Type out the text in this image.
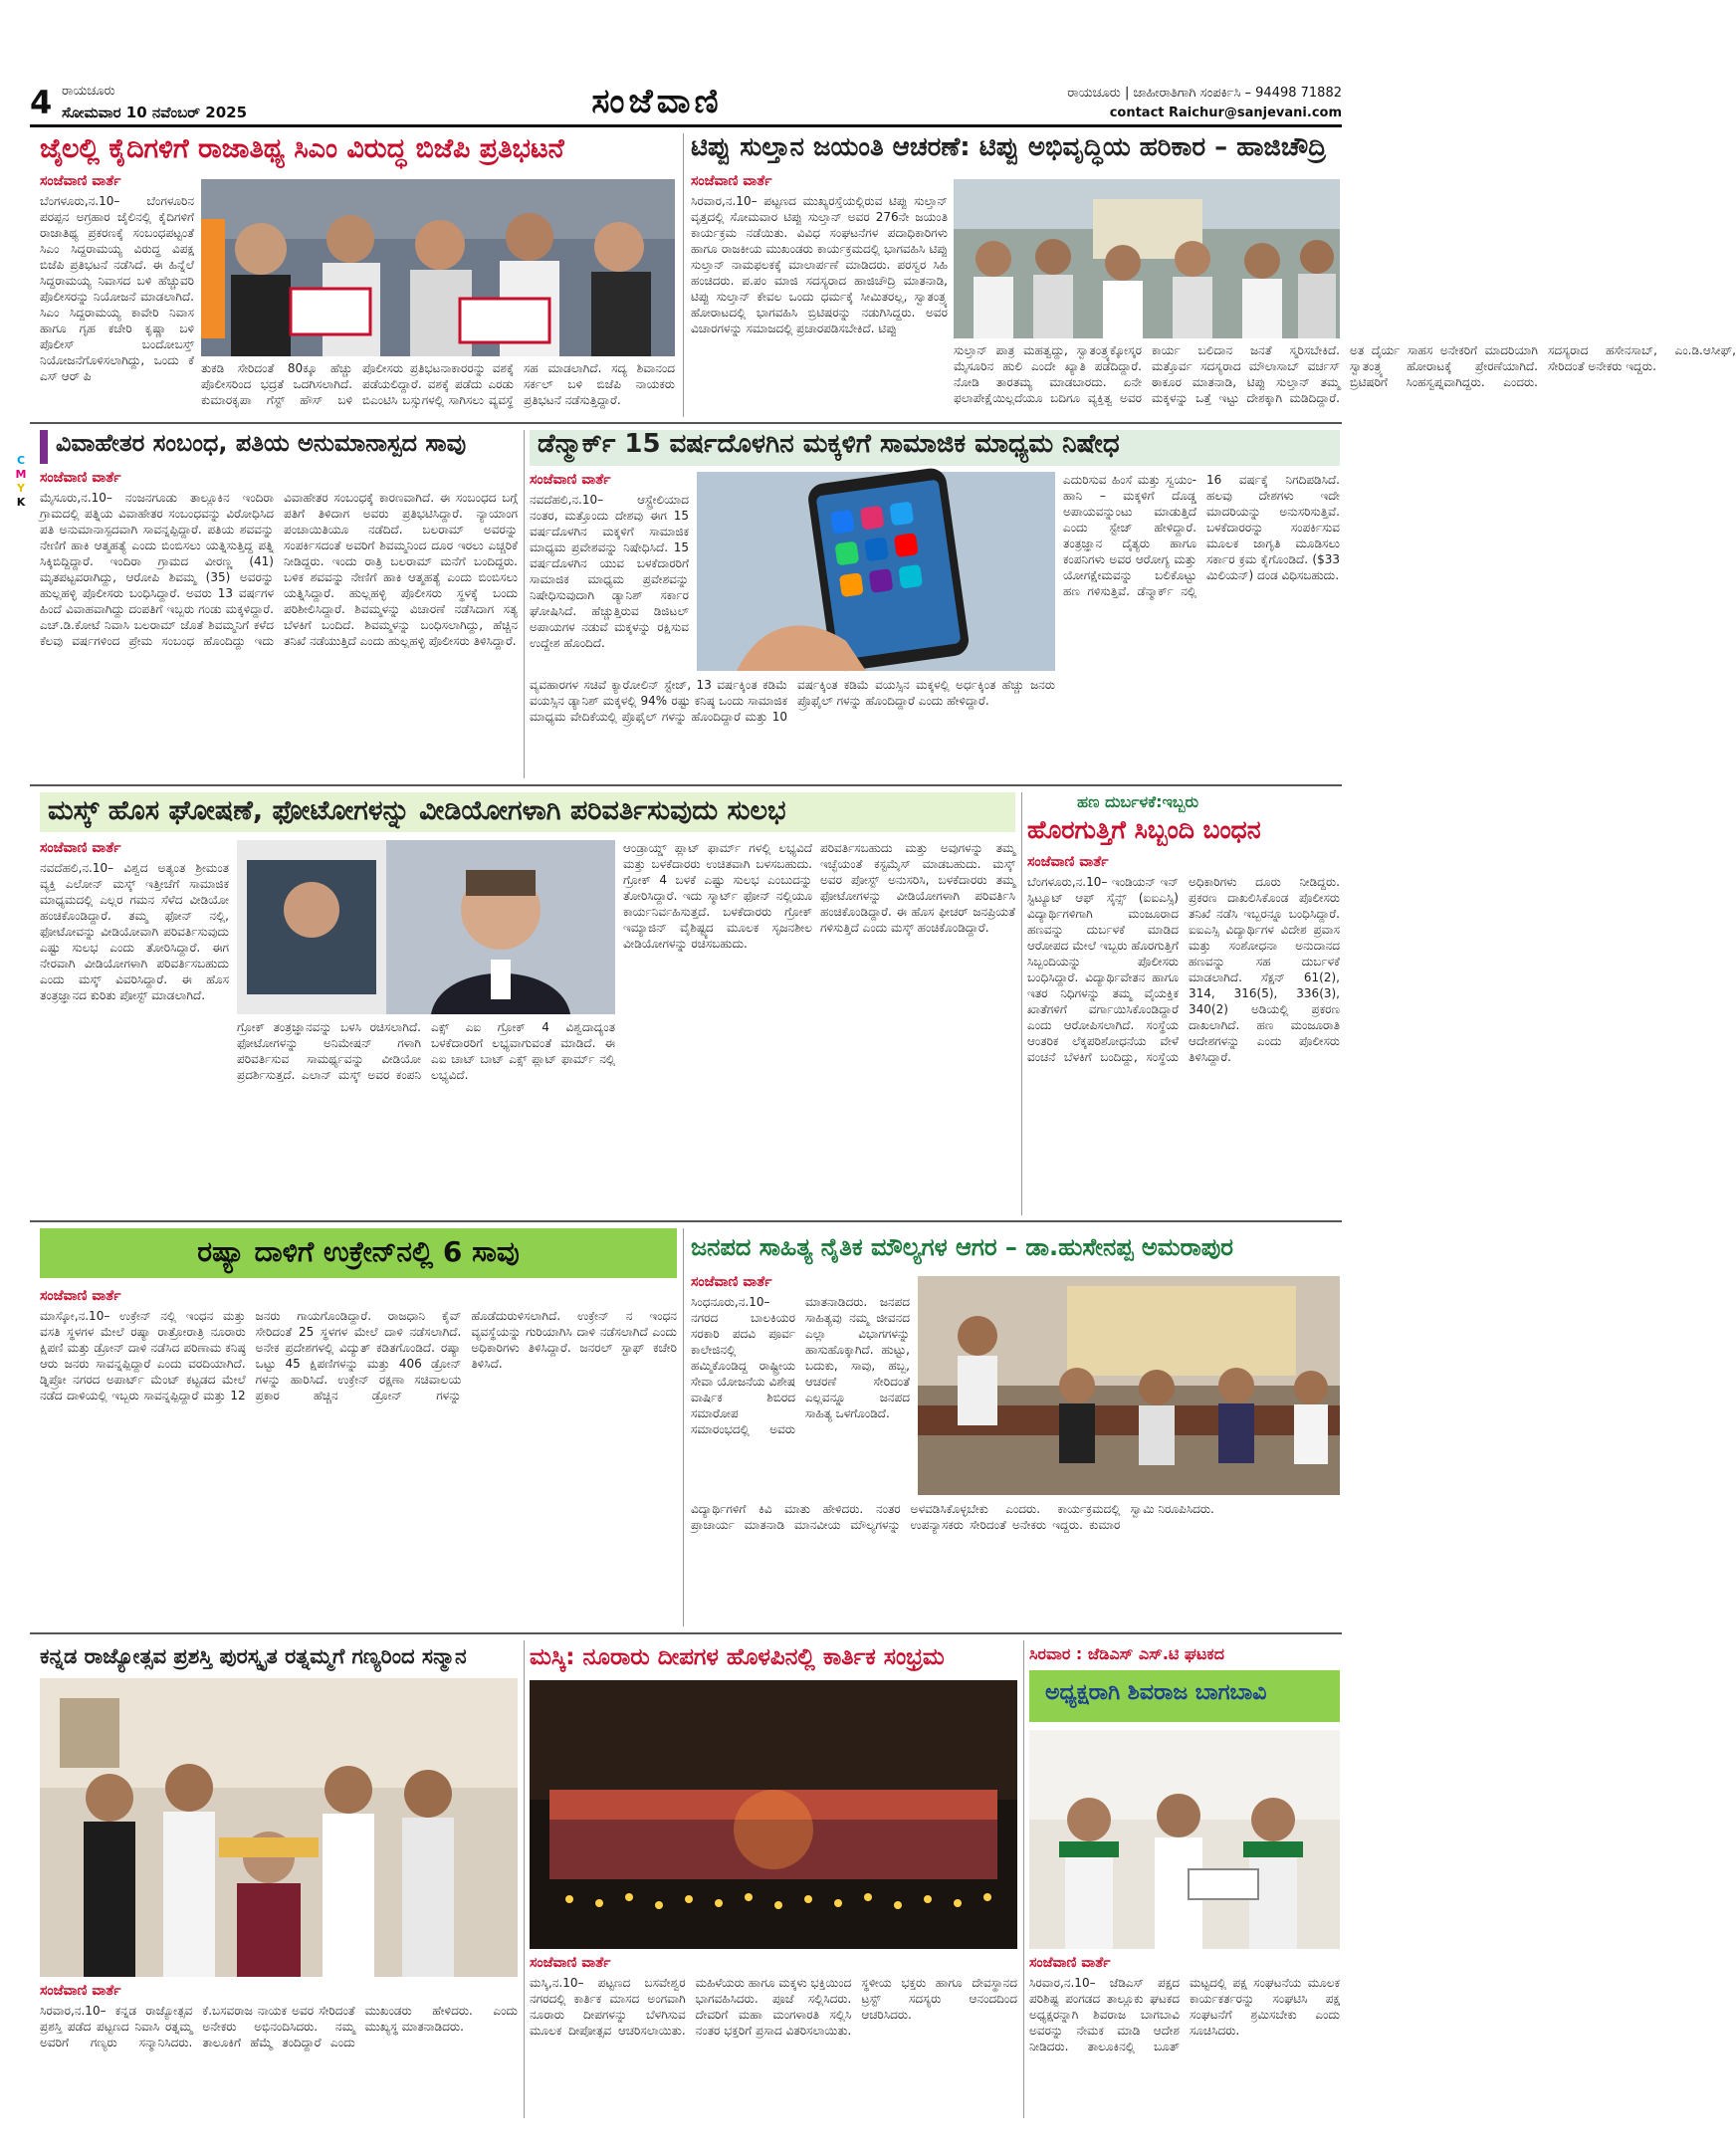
4 ರಾಯಚೂರು
ಸೋಮವಾರ 10 ನವೆಂಬರ್ 2025	ಸಂಜೆವಾಣಿ	ರಾಯಚೂರು | ಜಾಹೀರಾತಿಗಾಗಿ ಸಂಪರ್ಕಿಸಿ – 94498 71882
contact Raichur@sanjevani.com
C
M
Y
K
ಜೈಲಲ್ಲಿ ಕೈದಿಗಳಿಗೆ ರಾಜಾತಿಥ್ಯ ಸಿಎಂ ವಿರುದ್ಧ ಬಿಜೆಪಿ ಪ್ರತಿಭಟನೆ
ಸಂಜೆವಾಣಿ ವಾರ್ತೆ
ಬೆಂಗಳೂರು,ನ.10– ಬೆಂಗಳೂರಿನ ಪರಪ್ಪನ ಅಗ್ರಹಾರ ಜೈಲಿನಲ್ಲಿ ಕೈದಿಗಳಿಗೆ ರಾಜಾತಿಥ್ಯ ಪ್ರಕರಣಕ್ಕೆ ಸಂಬಂಧಪಟ್ಟಂತೆ ಸಿಎಂ ಸಿದ್ದರಾಮಯ್ಯ ವಿರುದ್ಧ ವಿಪಕ್ಷ ಬಿಜೆಪಿ ಪ್ರತಿಭಟನೆ ನಡೆಸಿದೆ. ಈ ಹಿನ್ನೆಲೆ ಸಿದ್ದರಾಮಯ್ಯ ನಿವಾಸದ ಬಳಿ ಹೆಚ್ಚುವರಿ ಪೊಲೀಸರನ್ನು ನಿಯೋಜನೆ ಮಾಡಲಾಗಿದೆ. ಸಿಎಂ ಸಿದ್ದರಾಮಯ್ಯ ಕಾವೇರಿ ನಿವಾಸ ಹಾಗೂ ಗೃಹ ಕಚೇರಿ ಕೃಷ್ಣಾ ಬಳಿ ಪೊಲೀಸ್ ಬಂದೋಬಸ್ತ್ ನಿಯೋಜನೆಗೊಳಿಸಲಾಗಿದ್ದು, ಒಂದು ಕೆ ಎಸ್ ಆರ್ ಪಿ
ತುಕಡಿ ಸೇರಿದಂತೆ 80ಕ್ಕೂ ಹೆಚ್ಚು ಪೊಲೀಸರಿಂದ ಭದ್ರತೆ ಒದಗಿಸಲಾಗಿದೆ. ಕುಮಾರಕೃಪಾ ಗೆಸ್ಟ್ ಹೌಸ್ ಬಳಿ ಪೊಲೀಸರು ಪ್ರತಿಭಟನಾಕಾರರನ್ನು ವಶಕ್ಕೆ ಪಡೆಯಲಿದ್ದಾರೆ. ವಶಕ್ಕೆ ಪಡೆದು ಎರಡು ಬಿಎಂಟಿಸಿ ಬಸ್ಸುಗಳಲ್ಲಿ ಸಾಗಿಸಲು ವ್ಯವಸ್ಥೆ ಸಹ ಮಾಡಲಾಗಿದೆ. ಸದ್ಯ ಶಿವಾನಂದ ಸರ್ಕಲ್ ಬಳಿ ಬಿಜೆಪಿ ನಾಯಕರು ಪ್ರತಿಭಟನೆ ನಡೆಸುತ್ತಿದ್ದಾರೆ.
ಟಿಪ್ಪು ಸುಲ್ತಾನ ಜಯಂತಿ ಆಚರಣೆ: ಟಿಪ್ಪು ಅಭಿವೃದ್ಧಿಯ ಹರಿಕಾರ – ಹಾಜಿಚೌದ್ರಿ
ಸಂಜೆವಾಣಿ ವಾರ್ತೆ
ಸಿರವಾರ,ನ.10– ಪಟ್ಟಣದ ಮುಖ್ಯರಸ್ತೆಯಲ್ಲಿರುವ ಟಿಪ್ಪು ಸುಲ್ತಾನ್ ವೃತ್ತದಲ್ಲಿ ಸೋಮವಾರ ಟಿಪ್ಪು ಸುಲ್ತಾನ್ ಅವರ 276ನೇ ಜಯಂತಿ ಕಾರ್ಯಕ್ರಮ ನಡೆಯಿತು. ವಿವಿಧ ಸಂಘಟನೆಗಳ ಪದಾಧಿಕಾರಿಗಳು ಹಾಗೂ ರಾಜಕೀಯ ಮುಖಂಡರು ಕಾರ್ಯಕ್ರಮದಲ್ಲಿ ಭಾಗವಹಿಸಿ ಟಿಪ್ಪು ಸುಲ್ತಾನ್ ನಾಮಫಲಕಕ್ಕೆ ಮಾಲಾರ್ಪಣೆ ಮಾಡಿದರು. ಪರಸ್ವರ ಸಿಹಿ ಹಂಚಿದರು. ಪ.ಪಂ ಮಾಜಿ ಸದಸ್ಯರಾದ ಹಾಜಿಚೌದ್ರಿ ಮಾತನಾಡಿ, ಟಿಪ್ಪು ಸುಲ್ತಾನ್ ಕೇವಲ ಒಂದು ಧರ್ಮಕ್ಕೆ ಸೀಮಿತರಲ್ಲ, ಸ್ವಾತಂತ್ರ್ಯ ಹೋರಾಟದಲ್ಲಿ ಭಾಗವಹಿಸಿ ಬ್ರಿಟಿಷರನ್ನು ನಡುಗಿಸಿದ್ದರು. ಅವರ ವಿಚಾರಗಳನ್ನು ಸಮಾಜದಲ್ಲಿ ಪ್ರಚಾರಪಡಿಸಬೇಕಿದೆ. ಟಿಪ್ಪು
ಸುಲ್ತಾನ್ ಪಾತ್ರ ಮಹತ್ವದ್ದು, ಸ್ವಾತಂತ್ರ್ಯಕ್ಕೋಸ್ಕರ ಮೈಸೂರಿನ ಹುಲಿ ಎಂದೇ ಖ್ಯಾತಿ ಪಡೆದಿದ್ದಾರೆ. ನೋಡಿ ತಾರತಮ್ಯ ಮಾಡಬಾರದು. ಏನೇ ಫಲಾಪೇಕ್ಷೆಯಿಲ್ಲದೆಯೂ ಬದಿಗೂ ವ್ಯಕ್ತಿತ್ವ ಅವರ ಕಾರ್ಯ ಬಲಿದಾನ ಜನತೆ ಸ್ಮರಿಸಬೇಕಿದೆ. ಮತ್ತೊರ್ವ ಸದಸ್ಯರಾದ ಮೌಲಾಸಾಬ್ ವರ್ಚಸ್ ಠಾಕೂರ ಮಾತನಾಡಿ, ಟಿಪ್ಪು ಸುಲ್ತಾನ್ ತಮ್ಮ ಮಕ್ಕಳನ್ನು ಒತ್ತೆ ಇಟ್ಟು ದೇಶಕ್ಕಾಗಿ ಮಡಿದಿದ್ದಾರೆ. ಅತ ದೈರ್ಯ ಸಾಹಸ ಅನೇಕರಿಗೆ ಮಾದರಿಯಾಗಿ ಸ್ವಾತಂತ್ರ್ಯ ಹೋರಾಟಕ್ಕೆ ಪ್ರೇರಣೆಯಾಗಿದೆ. ಬ್ರಿಟಿಷರಿಗೆ ಸಿಂಹಸ್ವಪ್ನವಾಗಿದ್ದರು. ಎಂದರು. ಸದಸ್ಯರಾದ ಹಸೇನಸಾಬ್, ಎಂ.ಡಿ.ಆಸೀಫ್, ಸೇರಿದಂತೆ ಅನೇಕರು ಇದ್ದರು.
ವಿವಾಹೇತರ ಸಂಬಂಧ, ಪತಿಯ ಅನುಮಾನಾಸ್ಪದ ಸಾವು
ಸಂಜೆವಾಣಿ ವಾರ್ತೆ
ಮೈಸೂರು,ನ.10– ನಂಜನಗೂಡು ತಾಲ್ಲೂಕಿನ ಇಂದಿರಾ ಗ್ರಾಮದಲ್ಲಿ ಪತ್ನಿಯ ವಿವಾಹೇತರ ಸಂಬಂಧವನ್ನು ವಿರೋಧಿಸಿದ ಪತಿ ಅನುಮಾನಾಸ್ಪದವಾಗಿ ಸಾವನ್ನಪ್ಪಿದ್ದಾರೆ. ಪತಿಯ ಶವವನ್ನು ನೇಣಿಗೆ ಹಾಕಿ ಆತ್ಮಹತ್ಯೆ ಎಂದು ಬಿಂಬಿಸಲು ಯತ್ನಿಸುತ್ತಿದ್ದ ಪತ್ನಿ ಸಿಕ್ಕಿಬಿದ್ದಿದ್ದಾರೆ. ಇಂದಿರಾ ಗ್ರಾಮದ ವೀರಣ್ಣ (41) ಮೃತಪಟ್ಟವರಾಗಿದ್ದು, ಆರೋಪಿ ಶಿವಮ್ಮ (35) ಅವರನ್ನು ಹುಲ್ಲಹಳ್ಳಿ ಪೊಲೀಸರು ಬಂಧಿಸಿದ್ದಾರೆ. ಅವರು 13 ವರ್ಷಗಳ ಹಿಂದೆ ವಿವಾಹವಾಗಿದ್ದು ದಂಪತಿಗೆ ಇಬ್ಬರು ಗಂಡು ಮಕ್ಕಳಿದ್ದಾರೆ. ಎಚ್.ಡಿ.ಕೋಟೆ ನಿವಾಸಿ ಬಲರಾಮ್ ಜೊತೆ ಶಿವಮ್ಮನಿಗೆ ಕಳೆದ ಕೆಲವು ವರ್ಷಗಳಿಂದ ಪ್ರೇಮ ಸಂಬಂಧ ಹೊಂದಿದ್ದು ಇದು ವಿವಾಹೇತರ ಸಂಬಂಧಕ್ಕೆ ಕಾರಣವಾಗಿದೆ. ಈ ಸಂಬಂಧದ ಬಗ್ಗೆ ಪತಿಗೆ ತಿಳಿದಾಗ ಅವರು ಪ್ರತಿಭಟಿಸಿದ್ದಾರೆ. ನ್ಯಾಯಾಂಗ ಪಂಚಾಯಿತಿಯೂ ನಡೆದಿದೆ. ಬಲರಾಮ್ ಅವರನ್ನು ಸಂಪರ್ಕಿಸದಂತೆ ಅವರಿಗೆ ಶಿವಮ್ಮನಿಂದ ದೂರ ಇರಲು ಎಚ್ಚರಿಕೆ ನೀಡಿದ್ದರು. ಇಂದು ರಾತ್ರಿ ಬಲರಾಮ್ ಮನೆಗೆ ಬಂದಿದ್ದರು. ಬಳಿಕ ಶವವನ್ನು ನೇಣಿಗೆ ಹಾಕಿ ಆತ್ಮಹತ್ಯೆ ಎಂದು ಬಿಂಬಿಸಲು ಯತ್ನಿಸಿದ್ದಾರೆ. ಹುಲ್ಲಹಳ್ಳಿ ಪೊಲೀಸರು ಸ್ಥಳಕ್ಕೆ ಬಂದು ಪರಿಶೀಲಿಸಿದ್ದಾರೆ. ಶಿವಮ್ಮಳನ್ನು ವಿಚಾರಣೆ ನಡೆಸಿದಾಗ ಸತ್ಯ ಬೆಳಕಿಗೆ ಬಂದಿದೆ. ಶಿವಮ್ಮಳನ್ನು ಬಂಧಿಸಲಾಗಿದ್ದು, ಹೆಚ್ಚಿನ ತನಿಖೆ ನಡೆಯುತ್ತಿದೆ ಎಂದು ಹುಲ್ಲಹಳ್ಳಿ ಪೊಲೀಸರು ತಿಳಿಸಿದ್ದಾರೆ.
ಡೆನ್ಮಾರ್ಕ್ 15 ವರ್ಷದೊಳಗಿನ ಮಕ್ಕಳಿಗೆ ಸಾಮಾಜಿಕ ಮಾಧ್ಯಮ ನಿಷೇಧ
ಸಂಜೆವಾಣಿ ವಾರ್ತೆ
ನವದೆಹಲಿ,ನ.10– ಆಸ್ಟ್ರೇಲಿಯಾದ ನಂತರ, ಮತ್ತೊಂದು ದೇಶವು ಈಗ 15 ವರ್ಷದೊಳಗಿನ ಮಕ್ಕಳಿಗೆ ಸಾಮಾಜಿಕ ಮಾಧ್ಯಮ ಪ್ರವೇಶವನ್ನು ನಿಷೇಧಿಸಿದೆ. 15 ವರ್ಷದೊಳಗಿನ ಯುವ ಬಳಕೆದಾರರಿಗೆ ಸಾಮಾಜಿಕ ಮಾಧ್ಯಮ ಪ್ರವೇಶವನ್ನು ನಿಷೇಧಿಸುವುದಾಗಿ ಡ್ಯಾನಿಶ್ ಸರ್ಕಾರ ಘೋಷಿಸಿದೆ. ಹೆಚ್ಚುತ್ತಿರುವ ಡಿಜಿಟಲ್ ಅಪಾಯಗಳ ನಡುವೆ ಮಕ್ಕಳನ್ನು ರಕ್ಷಿಸುವ ಉದ್ದೇಶ ಹೊಂದಿದೆ.
ವ್ಯವಹಾರಗಳ ಸಚಿವೆ ಕ್ಯಾರೋಲಿನ್ ಸ್ಟೇಜ್, 13 ವರ್ಷಕ್ಕಿಂತ ಕಡಿಮೆ ವಯಸ್ಸಿನ ಡ್ಯಾನಿಶ್ ಮಕ್ಕಳಲ್ಲಿ 94% ರಷ್ಟು ಕನಿಷ್ಠ ಒಂದು ಸಾಮಾಜಿಕ ಮಾಧ್ಯಮ ವೇದಿಕೆಯಲ್ಲಿ ಪ್ರೊಫೈಲ್ ಗಳನ್ನು ಹೊಂದಿದ್ದಾರೆ ಮತ್ತು 10 ವರ್ಷಕ್ಕಿಂತ ಕಡಿಮೆ ವಯಸ್ಸಿನ ಮಕ್ಕಳಲ್ಲಿ ಅರ್ಧಕ್ಕಿಂತ ಹೆಚ್ಚು ಜನರು ಪ್ರೊಫೈಲ್ ಗಳನ್ನು ಹೊಂದಿದ್ದಾರೆ ಎಂದು ಹೇಳಿದ್ದಾರೆ.
ಎದುರಿಸುವ ಹಿಂಸೆ ಮತ್ತು ಸ್ವಯಂ-ಹಾನಿ – ಮಕ್ಕಳಿಗೆ ದೊಡ್ಡ ಅಪಾಯವನ್ನುಂಟು ಮಾಡುತ್ತಿದೆ ಎಂದು ಸ್ಟೇಜ್ ಹೇಳಿದ್ದಾರೆ. ತಂತ್ರಜ್ಞಾನ ದೈತ್ಯರು ಹಾಗೂ ಕಂಪನಿಗಳು ಅವರ ಆರೋಗ್ಯ ಮತ್ತು ಯೋಗಕ್ಷೇಮವನ್ನು ಬಲಿಕೊಟ್ಟು ಹಣ ಗಳಿಸುತ್ತಿವೆ. ಡೆನ್ಮಾರ್ಕ್ ನಲ್ಲಿ 16 ವರ್ಷಕ್ಕೆ ನಿಗದಿಪಡಿಸಿದೆ. ಹಲವು ದೇಶಗಳು ಇದೇ ಮಾದರಿಯನ್ನು ಅನುಸರಿಸುತ್ತಿವೆ. ಬಳಕೆದಾರರನ್ನು ಸಂಪರ್ಕಿಸುವ ಮೂಲಕ ಜಾಗೃತಿ ಮೂಡಿಸಲು ಸರ್ಕಾರ ಕ್ರಮ ಕೈಗೊಂಡಿದೆ. ($33 ಮಿಲಿಯನ್) ದಂಡ ವಿಧಿಸಬಹುದು.
ಮಸ್ಕ್ ಹೊಸ ಘೋಷಣೆ, ಫೋಟೋಗಳನ್ನು ವೀಡಿಯೋಗಳಾಗಿ ಪರಿವರ್ತಿಸುವುದು ಸುಲಭ
ಸಂಜೆವಾಣಿ ವಾರ್ತೆ
ನವದೆಹಲಿ,ನ.10– ವಿಶ್ವದ ಅತ್ಯಂತ ಶ್ರೀಮಂತ ವ್ಯಕ್ತಿ ಎಲೋನ್ ಮಸ್ಕ್ ಇತ್ತೀಚೆಗೆ ಸಾಮಾಜಿಕ ಮಾಧ್ಯಮದಲ್ಲಿ ಎಲ್ಲರ ಗಮನ ಸೆಳೆದ ವೀಡಿಯೋ ಹಂಚಿಕೊಂಡಿದ್ದಾರೆ. ತಮ್ಮ ಫೋನ್ ನಲ್ಲಿ, ಫೋಟೋವನ್ನು ವೀಡಿಯೋವಾಗಿ ಪರಿವರ್ತಿಸುವುದು ಎಷ್ಟು ಸುಲಭ ಎಂದು ತೋರಿಸಿದ್ದಾರೆ. ಈಗ ನೇರವಾಗಿ ವೀಡಿಯೋಗಳಾಗಿ ಪರಿವರ್ತಿಸಬಹುದು ಎಂದು ಮಸ್ಕ್ ವಿವರಿಸಿದ್ದಾರೆ. ಈ ಹೊಸ ತಂತ್ರಜ್ಞಾನದ ಕುರಿತು ಪೋಸ್ಟ್ ಮಾಡಲಾಗಿದೆ.
ಗ್ರೋಕ್ ತಂತ್ರಜ್ಞಾನವನ್ನು ಬಳಸಿ ರಚಿಸಲಾಗಿದೆ. ಫೋಟೋಗಳನ್ನು ಅನಿಮೇಷನ್ ಗಳಾಗಿ ಪರಿವರ್ತಿಸುವ ಸಾಮರ್ಥ್ಯವನ್ನು ವೀಡಿಯೋ ಪ್ರದರ್ಶಿಸುತ್ತದೆ. ಎಲಾನ್ ಮಸ್ಕ್ ಅವರ ಕಂಪನಿ ಎಕ್ಸ್ ಎಐ ಗ್ರೋಕ್ 4 ವಿಶ್ವದಾದ್ಯಂತ ಬಳಕೆದಾರರಿಗೆ ಲಭ್ಯವಾಗುವಂತೆ ಮಾಡಿದೆ. ಈ ಎಐ ಚಾಟ್ ಬಾಟ್ ಎಕ್ಸ್ ಪ್ಲಾಟ್ ಫಾರ್ಮ್ ನಲ್ಲಿ ಲಭ್ಯವಿದೆ.
ಆಂಡ್ರಾಯ್ಡ್ ಪ್ಲಾಟ್ ಫಾರ್ಮ್ ಗಳಲ್ಲಿ ಲಭ್ಯವಿದೆ ಮತ್ತು ಬಳಕೆದಾರರು ಉಚಿತವಾಗಿ ಬಳಸಬಹುದು. ಗ್ರೋಕ್ 4 ಬಳಕೆ ಎಷ್ಟು ಸುಲಭ ಎಂಬುದನ್ನು ತೋರಿಸಿದ್ದಾರೆ. ಇದು ಸ್ಮಾರ್ಟ್ ಫೋನ್ ನಲ್ಲಿಯೂ ಕಾರ್ಯನಿರ್ವಹಿಸುತ್ತದೆ. ಬಳಕೆದಾರರು ಗ್ರೋಕ್ ಇಮ್ಯಾಜಿನ್ ವೈಶಿಷ್ಟ್ಯದ ಮೂಲಕ ಸೃಜನಶೀಲ ವೀಡಿಯೋಗಳನ್ನು ರಚಿಸಬಹುದು.
ಪರಿವರ್ತಿಸಬಹುದು ಮತ್ತು ಅವುಗಳನ್ನು ತಮ್ಮ ಇಚ್ಛೆಯಂತೆ ಕಸ್ಟಮೈಸ್ ಮಾಡಬಹುದು. ಮಸ್ಕ್ ಅವರ ಪೋಸ್ಟ್ ಅನುಸರಿಸಿ, ಬಳಕೆದಾರರು ತಮ್ಮ ಫೋಟೋಗಳನ್ನು ವೀಡಿಯೋಗಳಾಗಿ ಪರಿವರ್ತಿಸಿ ಹಂಚಿಕೊಂಡಿದ್ದಾರೆ. ಈ ಹೊಸ ಫೀಚರ್ ಜನಪ್ರಿಯತೆ ಗಳಿಸುತ್ತಿದೆ ಎಂದು ಮಸ್ಕ್ ಹಂಚಿಕೊಂಡಿದ್ದಾರೆ.
ಹಣ ದುರ್ಬಳಕೆ:ಇಬ್ಬರು
ಹೊರಗುತ್ತಿಗೆ ಸಿಬ್ಬಂದಿ ಬಂಧನ
ಸಂಜೆವಾಣಿ ವಾರ್ತೆ
ಬೆಂಗಳೂರು,ನ.10– ಇಂಡಿಯನ್ ಇನ್ ಸ್ಟಿಟ್ಯೂಟ್ ಆಫ್ ಸೈನ್ಸ್ (ಐಐಎಸ್ಸಿ) ವಿದ್ಯಾರ್ಥಿಗಳಿಗಾಗಿ ಮಂಜೂರಾದ ಹಣವನ್ನು ದುರ್ಬಳಕೆ ಮಾಡಿದ ಆರೋಪದ ಮೇಲೆ ಇಬ್ಬರು ಹೊರಗುತ್ತಿಗೆ ಸಿಬ್ಬಂದಿಯನ್ನು ಪೊಲೀಸರು ಬಂಧಿಸಿದ್ದಾರೆ. ವಿದ್ಯಾರ್ಥಿವೇತನ ಹಾಗೂ ಇತರ ನಿಧಿಗಳನ್ನು ತಮ್ಮ ವೈಯಕ್ತಿಕ ಖಾತೆಗಳಿಗೆ ವರ್ಗಾಯಿಸಿಕೊಂಡಿದ್ದಾರೆ ಎಂದು ಆರೋಪಿಸಲಾಗಿದೆ. ಸಂಸ್ಥೆಯ ಆಂತರಿಕ ಲೆಕ್ಕಪರಿಶೋಧನೆಯ ವೇಳೆ ವಂಚನೆ ಬೆಳಕಿಗೆ ಬಂದಿದ್ದು, ಸಂಸ್ಥೆಯ ಅಧಿಕಾರಿಗಳು ದೂರು ನೀಡಿದ್ದರು. ಪ್ರಕರಣ ದಾಖಲಿಸಿಕೊಂಡ ಪೊಲೀಸರು ತನಿಖೆ ನಡೆಸಿ ಇಬ್ಬರನ್ನೂ ಬಂಧಿಸಿದ್ದಾರೆ. ಐಐಎಸ್ಸಿ ವಿದ್ಯಾರ್ಥಿಗಳ ವಿದೇಶ ಪ್ರವಾಸ ಮತ್ತು ಸಂಶೋಧನಾ ಅನುದಾನದ ಹಣವನ್ನು ಸಹ ದುರ್ಬಳಕೆ ಮಾಡಲಾಗಿದೆ. ಸೆಕ್ಷನ್ 61(2), 314, 316(5), 336(3), 340(2) ಅಡಿಯಲ್ಲಿ ಪ್ರಕರಣ ದಾಖಲಾಗಿದೆ. ಹಣ ಮಂಜೂರಾತಿ ಆದೇಶಗಳನ್ನು ಎಂದು ಪೊಲೀಸರು ತಿಳಿಸಿದ್ದಾರೆ.
ರಷ್ಯಾ ದಾಳಿಗೆ ಉಕ್ರೇನ್‌ನಲ್ಲಿ 6 ಸಾವು
ಸಂಜೆವಾಣಿ ವಾರ್ತೆ
ಮಾಸ್ಕೋ,ನ.10– ಉಕ್ರೇನ್ ನಲ್ಲಿ ಇಂಧನ ಮತ್ತು ವಸತಿ ಸ್ಥಳಗಳ ಮೇಲೆ ರಷ್ಯಾ ರಾತ್ರೋರಾತ್ರಿ ನೂರಾರು ಕ್ಷಿಪಣಿ ಮತ್ತು ಡ್ರೋನ್ ದಾಳಿ ನಡೆಸಿದ ಪರಿಣಾಮ ಕನಿಷ್ಠ ಆರು ಜನರು ಸಾವನ್ನಪ್ಪಿದ್ದಾರೆ ಎಂದು ವರದಿಯಾಗಿದೆ. ಡ್ನಿಪ್ರೋ ನಗರದ ಅಪಾರ್ಟ್ ಮೆಂಟ್ ಕಟ್ಟಡದ ಮೇಲೆ ನಡೆದ ದಾಳಿಯಲ್ಲಿ ಇಬ್ಬರು ಸಾವನ್ನಪ್ಪಿದ್ದಾರೆ ಮತ್ತು 12 ಜನರು ಗಾಯಗೊಂಡಿದ್ದಾರೆ. ರಾಜಧಾನಿ ಕೈವ್ ಸೇರಿದಂತೆ 25 ಸ್ಥಳಗಳ ಮೇಲೆ ದಾಳಿ ನಡೆಸಲಾಗಿದೆ. ಅನೇಕ ಪ್ರದೇಶಗಳಲ್ಲಿ ವಿದ್ಯುತ್ ಕಡಿತಗೊಂಡಿದೆ. ರಷ್ಯಾ ಒಟ್ಟು 45 ಕ್ಷಿಪಣಿಗಳನ್ನು ಮತ್ತು 406 ಡ್ರೋನ್ ಗಳನ್ನು ಹಾರಿಸಿದೆ. ಉಕ್ರೇನ್ ರಕ್ಷಣಾ ಸಚಿವಾಲಯ ಪ್ರಕಾರ ಹೆಚ್ಚಿನ ಡ್ರೋನ್ ಗಳನ್ನು ಹೊಡೆದುರುಳಿಸಲಾಗಿದೆ. ಉಕ್ರೇನ್ ನ ಇಂಧನ ವ್ಯವಸ್ಥೆಯನ್ನು ಗುರಿಯಾಗಿಸಿ ದಾಳಿ ನಡೆಸಲಾಗಿದೆ ಎಂದು ಅಧಿಕಾರಿಗಳು ತಿಳಿಸಿದ್ದಾರೆ. ಜನರಲ್ ಸ್ಟಾಫ್ ಕಚೇರಿ ತಿಳಿಸಿದೆ.
ಜನಪದ ಸಾಹಿತ್ಯ ನೈತಿಕ ಮೌಲ್ಯಗಳ ಆಗರ – ಡಾ.ಹುಸೇನಪ್ಪ ಅಮರಾಪುರ
ಸಂಜೆವಾಣಿ ವಾರ್ತೆ
ಸಿಂಧನೂರು,ನ.10– ನಗರದ ಬಾಲಕಿಯರ ಸರಕಾರಿ ಪದವಿ ಪೂರ್ವ ಕಾಲೇಜಿನಲ್ಲಿ ಹಮ್ಮಿಕೊಂಡಿದ್ದ ರಾಷ್ಟ್ರೀಯ ಸೇವಾ ಯೋಜನೆಯ ವಿಶೇಷ ವಾರ್ಷಿಕ ಶಿಬಿರದ ಸಮಾರೋಪ ಸಮಾರಂಭದಲ್ಲಿ ಅವರು ಮಾತನಾಡಿದರು. ಜನಪದ ಸಾಹಿತ್ಯವು ನಮ್ಮ ಜೀವನದ ಎಲ್ಲಾ ವಿಭಾಗಗಳನ್ನು ಹಾಸುಹೊಕ್ಕಾಗಿದೆ. ಹುಟ್ಟು, ಬದುಕು, ಸಾವು, ಹಬ್ಬ, ಆಚರಣೆ ಸೇರಿದಂತೆ ಎಲ್ಲವನ್ನೂ ಜನಪದ ಸಾಹಿತ್ಯ ಒಳಗೊಂಡಿದೆ.
ವಿದ್ಯಾರ್ಥಿಗಳಿಗೆ ಕಿವಿ ಮಾತು ಹೇಳಿದರು. ನಂತರ ಪ್ರಾಚಾರ್ಯ ಮಾತನಾಡಿ ಮಾನವೀಯ ಮೌಲ್ಯಗಳನ್ನು ಅಳವಡಿಸಿಕೊಳ್ಳಬೇಕು ಎಂದರು. ಕಾರ್ಯಕ್ರಮದಲ್ಲಿ ಉಪನ್ಯಾಸಕರು ಸೇರಿದಂತೆ ಅನೇಕರು ಇದ್ದರು. ಕುಮಾರ ಸ್ವಾಮಿ ನಿರೂಪಿಸಿದರು.
ಕನ್ನಡ ರಾಜ್ಯೋತ್ಸವ ಪ್ರಶಸ್ತಿ ಪುರಸ್ಕೃತ ರತ್ನಮ್ಮಗೆ ಗಣ್ಯರಿಂದ ಸನ್ಮಾನ
ಸಂಜೆವಾಣಿ ವಾರ್ತೆ
ಸಿರವಾರ,ನ.10– ಕನ್ನಡ ರಾಜ್ಯೋತ್ಸವ ಪ್ರಶಸ್ತಿ ಪಡೆದ ಪಟ್ಟಣದ ನಿವಾಸಿ ರತ್ನಮ್ಮ ಅವರಿಗೆ ಗಣ್ಯರು ಸನ್ಮಾನಿಸಿದರು. ಕೆ.ಬಸವರಾಜ ನಾಯಕ ಅವರ ಸೇರಿದಂತೆ ಅನೇಕರು ಅಭಿನಂದಿಸಿದರು. ನಮ್ಮ ತಾಲೂಕಿಗೆ ಹೆಮ್ಮೆ ತಂದಿದ್ದಾರೆ ಎಂದು ಮುಖಂಡರು ಹೇಳಿದರು. ಎಂದು ಮುಖ್ಯಸ್ಥ ಮಾತನಾಡಿದರು.
ಮಸ್ಕಿ: ನೂರಾರು ದೀಪಗಳ ಹೊಳಪಿನಲ್ಲಿ ಕಾರ್ತಿಕ ಸಂಭ್ರಮ
ಸಂಜೆವಾಣಿ ವಾರ್ತೆ
ಮಸ್ಕಿ,ನ.10– ಪಟ್ಟಣದ ಬಸವೇಶ್ವರ ನಗರದಲ್ಲಿ ಕಾರ್ತಿಕ ಮಾಸದ ಅಂಗವಾಗಿ ನೂರಾರು ದೀಪಗಳನ್ನು ಬೆಳಗಿಸುವ ಮೂಲಕ ದೀಪೋತ್ಸವ ಆಚರಿಸಲಾಯಿತು. ಮಹಿಳೆಯರು ಹಾಗೂ ಮಕ್ಕಳು ಭಕ್ತಿಯಿಂದ ಭಾಗವಹಿಸಿದರು. ಪೂಜೆ ಸಲ್ಲಿಸಿದರು. ದೇವರಿಗೆ ಮಹಾ ಮಂಗಳಾರತಿ ಸಲ್ಲಿಸಿ ನಂತರ ಭಕ್ತರಿಗೆ ಪ್ರಸಾದ ವಿತರಿಸಲಾಯಿತು. ಸ್ಥಳೀಯ ಭಕ್ತರು ಹಾಗೂ ದೇವಸ್ಥಾನದ ಟ್ರಸ್ಟ್ ಸದಸ್ಯರು ಆನಂದದಿಂದ ಆಚರಿಸಿದರು.
ಸಿರವಾರ : ಜೆಡಿಎಸ್ ಎಸ್.ಟಿ ಘಟಕದ
ಅಧ್ಯಕ್ಷರಾಗಿ ಶಿವರಾಜ ಬಾಗಬಾವಿ
ಸಂಜೆವಾಣಿ ವಾರ್ತೆ
ಸಿರವಾರ,ನ.10– ಜೆಡಿಎಸ್ ಪಕ್ಷದ ಪರಿಶಿಷ್ಟ ಪಂಗಡದ ತಾಲ್ಲೂಕು ಘಟಕದ ಅಧ್ಯಕ್ಷರನ್ನಾಗಿ ಶಿವರಾಜ ಬಾಗಬಾವಿ ಅವರನ್ನು ನೇಮಕ ಮಾಡಿ ಆದೇಶ ನೀಡಿದರು. ತಾಲೂಕಿನಲ್ಲಿ ಬೂತ್ ಮಟ್ಟದಲ್ಲಿ ಪಕ್ಷ ಸಂಘಟನೆಯ ಮೂಲಕ ಕಾರ್ಯಕರ್ತರನ್ನು ಸಂಘಟಿಸಿ ಪಕ್ಷ ಸಂಘಟನೆಗೆ ಶ್ರಮಿಸಬೇಕು ಎಂದು ಸೂಚಿಸಿದರು.
